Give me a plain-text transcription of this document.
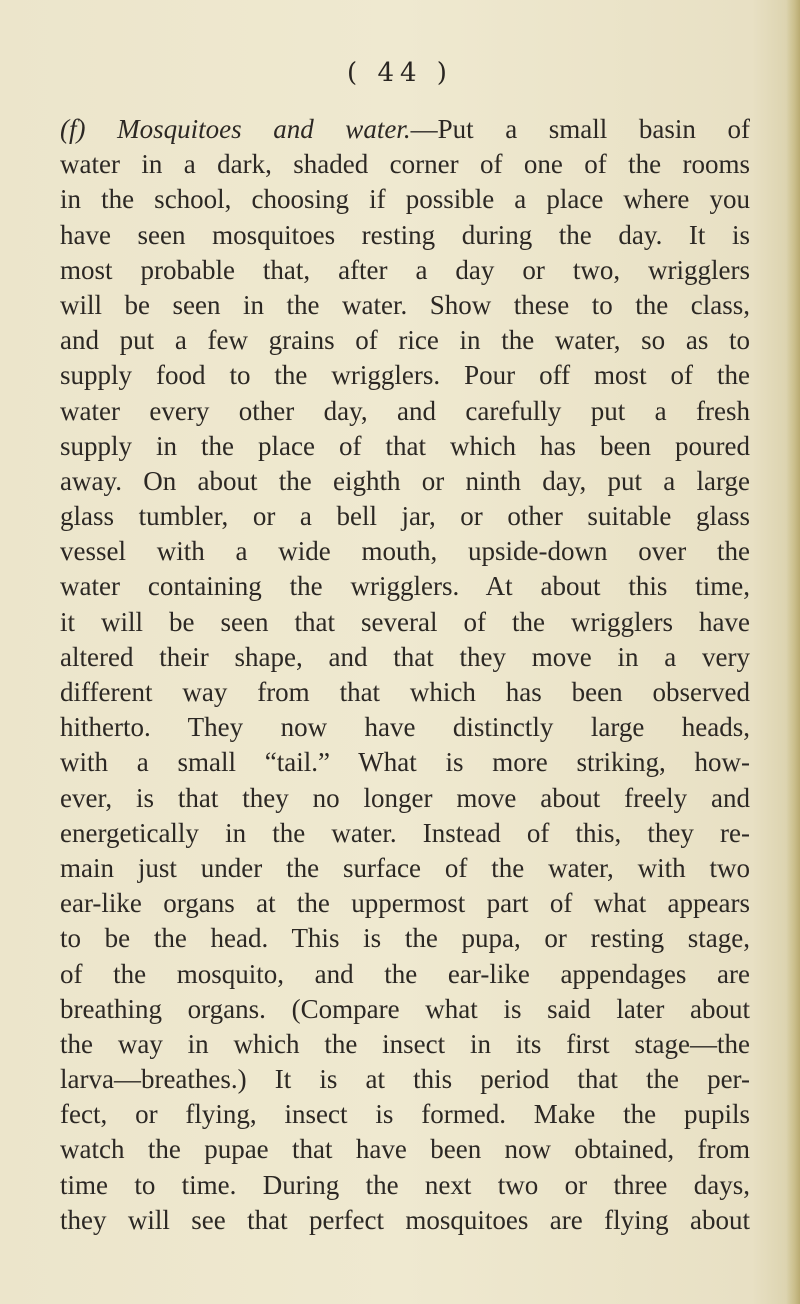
( 44 )
(f) Mosquitoes and water.—Put a small basin of
water in a dark, shaded corner of one of the rooms
in the school, choosing if possible a place where you
have seen mosquitoes resting during the day. It is
most probable that, after a day or two, wrigglers
will be seen in the water. Show these to the class,
and put a few grains of rice in the water, so as to
supply food to the wrigglers. Pour off most of the
water every other day, and carefully put a fresh
supply in the place of that which has been poured
away. On about the eighth or ninth day, put a large
glass tumbler, or a bell jar, or other suitable glass
vessel with a wide mouth, upside-down over the
water containing the wrigglers. At about this time,
it will be seen that several of the wrigglers have
altered their shape, and that they move in a very
different way from that which has been observed
hitherto. They now have distinctly large heads,
with a small “tail.” What is more striking, how-
ever, is that they no longer move about freely and
energetically in the water. Instead of this, they re-
main just under the surface of the water, with two
ear-like organs at the uppermost part of what appears
to be the head. This is the pupa, or resting stage,
of the mosquito, and the ear-like appendages are
breathing organs. (Compare what is said later about
the way in which the insect in its first stage—the
larva—breathes.) It is at this period that the per-
fect, or flying, insect is formed. Make the pupils
watch the pupae that have been now obtained, from
time to time. During the next two or three days,
they will see that perfect mosquitoes are flying about
